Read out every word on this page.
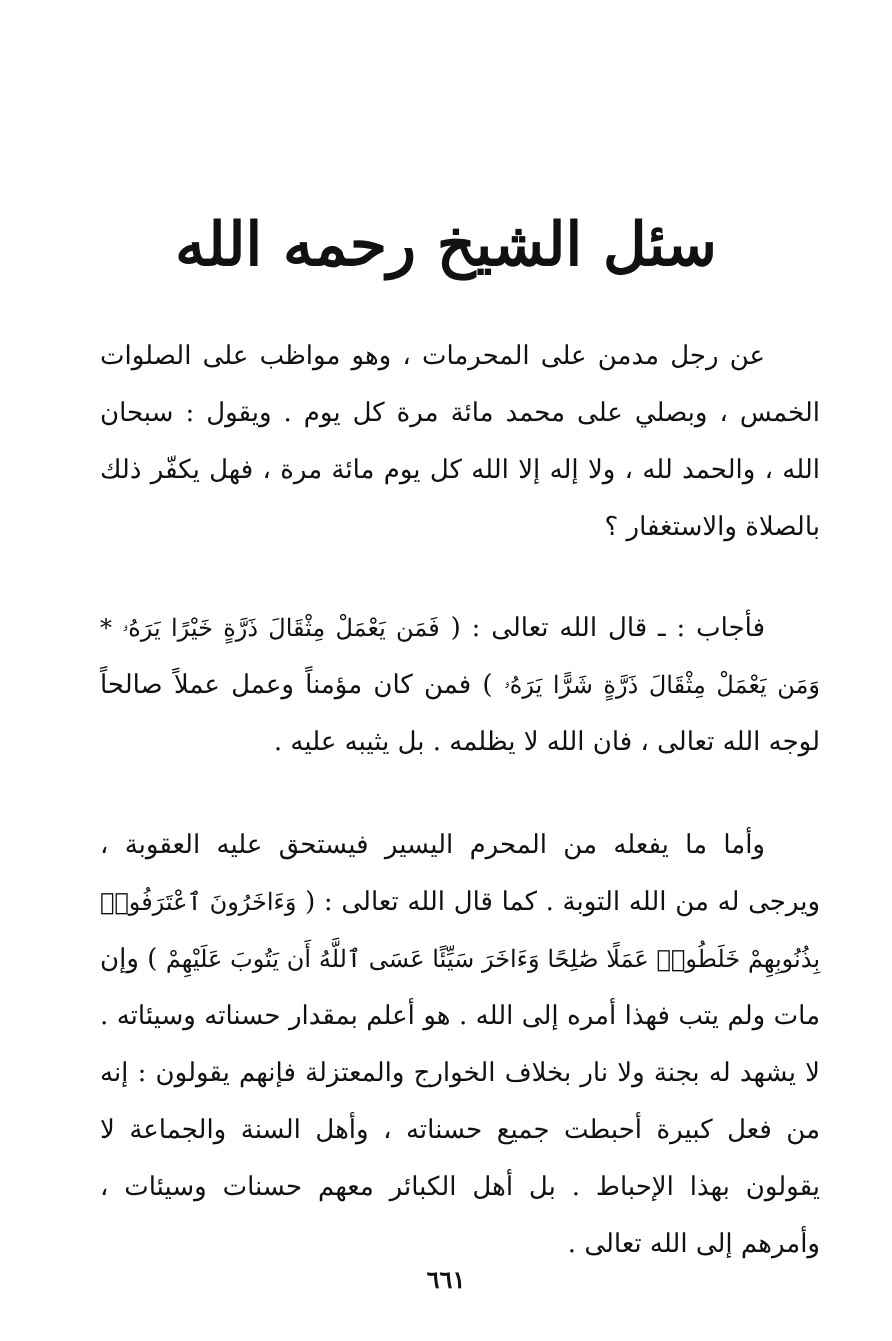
سئل الشيخ رحمه الله

عن رجل مدمن على المحرمات ، وهو مواظب على الصلوات الخمس ، وبصلي على محمد مائة مرة كل يوم . ويقول : سبحان الله ، والحمد لله ، ولا إله إلا الله كل يوم مائة مرة ، فهل يكفّر ذلك بالصلاة والاستغفار ؟

فأجاب : ـ قال الله تعالى : ( فَمَن يَعْمَلْ مِثْقَالَ ذَرَّةٍ خَيْرًا يَرَهُۥ * وَمَن يَعْمَلْ مِثْقَالَ ذَرَّةٍ شَرًّا يَرَهُۥ ) فمن كان مؤمناً وعمل عملاً صالحاً لوجه الله تعالى ، فان الله لا يظلمه . بل يثيبه عليه .

وأما ما يفعله من المحرم اليسير فيستحق عليه العقوبة ، ويرجى له من الله التوبة . كما قال الله تعالى : ( وَءَاخَرُونَ ٱعْتَرَفُوا۟ بِذُنُوبِهِمْ خَلَطُوا۟ عَمَلًا صَٰلِحًا وَءَاخَرَ سَيِّئًا عَسَى ٱللَّهُ أَن يَتُوبَ عَلَيْهِمْ ) وإن مات ولم يتب فهذا أمره إلى الله . هو أعلم بمقدار حسناته وسيئاته . لا يشهد له بجنة ولا نار بخلاف الخوارج والمعتزلة فإنهم يقولون : إنه من فعل كبيرة أحبطت جميع حسناته ، وأهل السنة والجماعة لا يقولون بهذا الإحباط . بل أهل الكبائر معهم حسنات وسيئات ، وأمرهم إلى الله تعالى .

٦٦١
